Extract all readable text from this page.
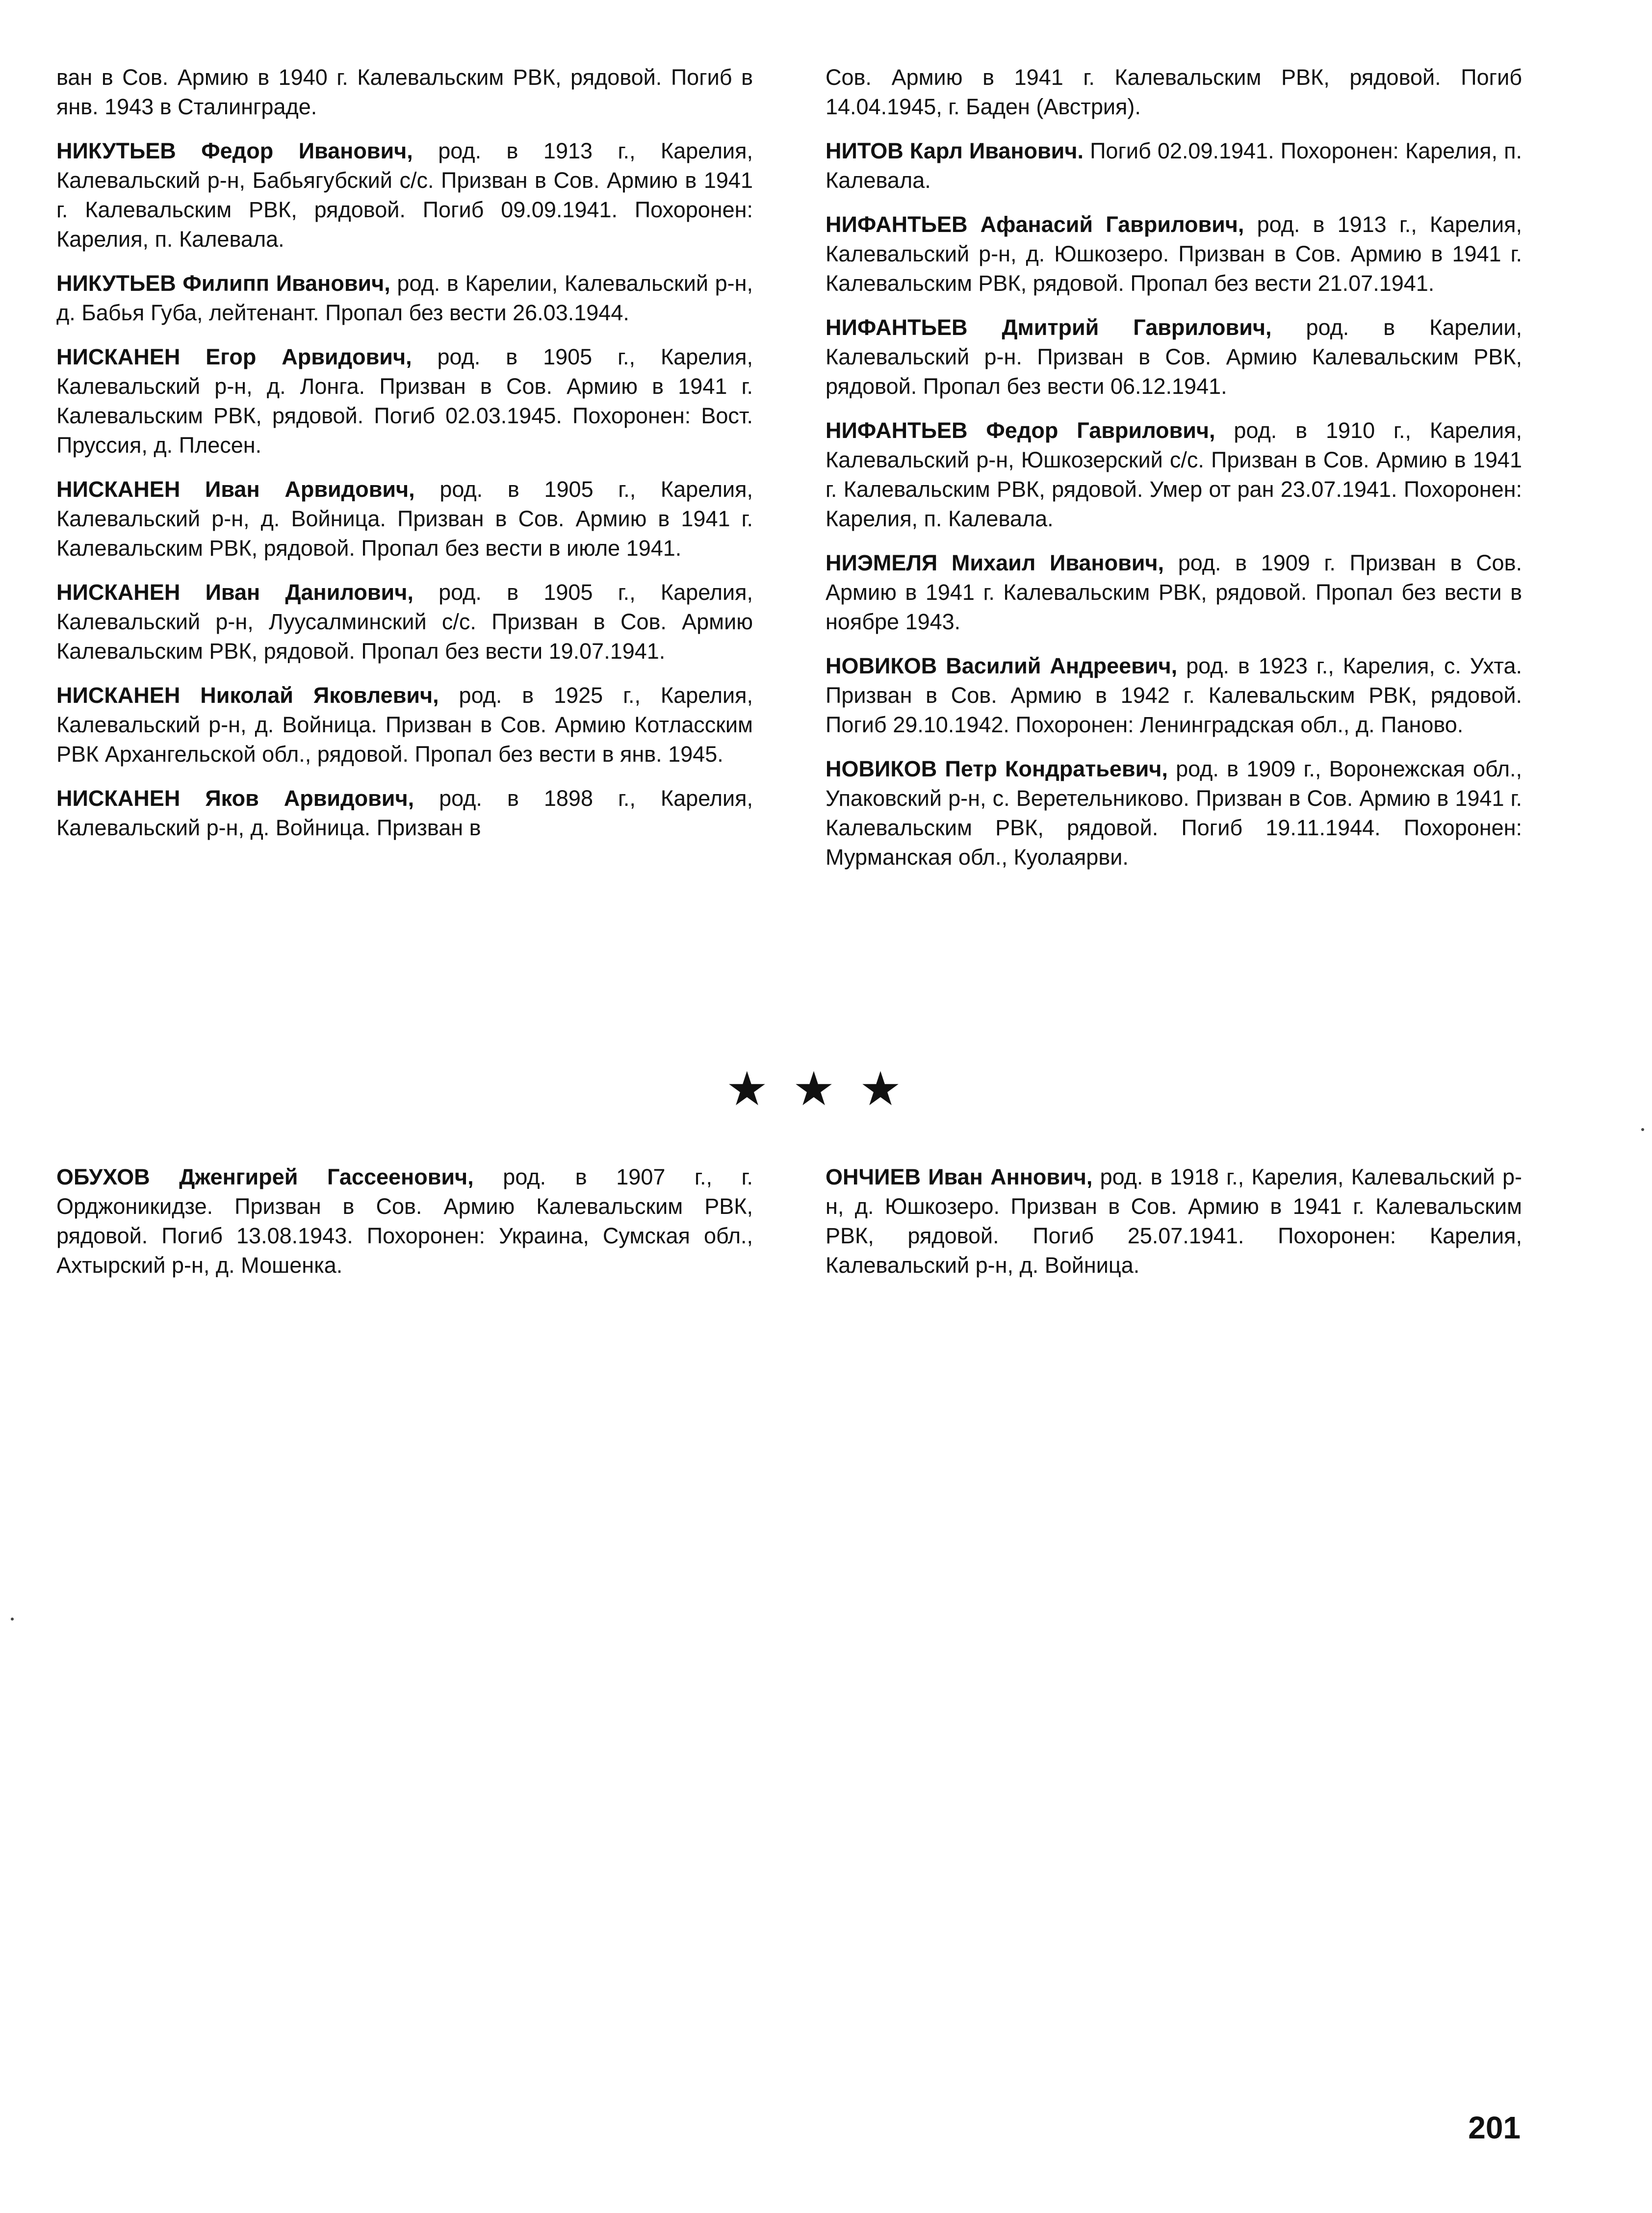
ван в Сов. Армию в 1940 г. Калевальским РВК, рядовой. Погиб в янв. 1943 в Сталинграде.

НИКУТЬЕВ Федор Иванович, род. в 1913 г., Карелия, Калевальский р-н, Бабьягубский с/с. Призван в Сов. Армию в 1941 г. Калевальским РВК, рядовой. Погиб 09.09.1941. Похоронен: Карелия, п. Калевала.

НИКУТЬЕВ Филипп Иванович, род. в Карелии, Калевальский р-н, д. Бабья Губа, лейтенант. Пропал без вести 26.03.1944.

НИСКАНЕН Егор Арвидович, род. в 1905 г., Карелия, Калевальский р-н, д. Лонга. Призван в Сов. Армию в 1941 г. Калевальским РВК, рядовой. Погиб 02.03.1945. Похоронен: Вост. Пруссия, д. Плесен.

НИСКАНЕН Иван Арвидович, род. в 1905 г., Карелия, Калевальский р-н, д. Войница. Призван в Сов. Армию в 1941 г. Калевальским РВК, рядовой. Пропал без вести в июле 1941.

НИСКАНЕН Иван Данилович, род. в 1905 г., Карелия, Калевальский р-н, Луусалминский с/с. Призван в Сов. Армию Калевальским РВК, рядовой. Пропал без вести 19.07.1941.

НИСКАНЕН Николай Яковлевич, род. в 1925 г., Карелия, Калевальский р-н, д. Войница. Призван в Сов. Армию Котласским РВК Архангельской обл., рядовой. Пропал без вести в янв. 1945.

НИСКАНЕН Яков Арвидович, род. в 1898 г., Карелия, Калевальский р-н, д. Войница. Призван в

Сов. Армию в 1941 г. Калевальским РВК, рядовой. Погиб 14.04.1945, г. Баден (Австрия).

НИТОВ Карл Иванович. Погиб 02.09.1941. Похоронен: Карелия, п. Калевала.

НИФАНТЬЕВ Афанасий Гаврилович, род. в 1913 г., Карелия, Калевальский р-н, д. Юшкозеро. Призван в Сов. Армию в 1941 г. Калевальским РВК, рядовой. Пропал без вести 21.07.1941.

НИФАНТЬЕВ Дмитрий Гаврилович, род. в Карелии, Калевальский р-н. Призван в Сов. Армию Калевальским РВК, рядовой. Пропал без вести 06.12.1941.

НИФАНТЬЕВ Федор Гаврилович, род. в 1910 г., Карелия, Калевальский р-н, Юшкозерский с/с. Призван в Сов. Армию в 1941 г. Калевальским РВК, рядовой. Умер от ран 23.07.1941. Похоронен: Карелия, п. Калевала.

НИЭМЕЛЯ Михаил Иванович, род. в 1909 г. Призван в Сов. Армию в 1941 г. Калевальским РВК, рядовой. Пропал без вести в ноябре 1943.

НОВИКОВ Василий Андреевич, род. в 1923 г., Карелия, с. Ухта. Призван в Сов. Армию в 1942 г. Калевальским РВК, рядовой. Погиб 29.10.1942. Похоронен: Ленинградская обл., д. Паново.

НОВИКОВ Петр Кондратьевич, род. в 1909 г., Воронежская обл., Упаковский р-н, с. Веретельниково. Призван в Сов. Армию в 1941 г. Калевальским РВК, рядовой. Погиб 19.11.1944. Похоронен: Мурманская обл., Куолаярви.

★★★

ОБУХОВ Дженгирей Гассеенович, род. в 1907 г., г. Орджоникидзе. Призван в Сов. Армию Калевальским РВК, рядовой. Погиб 13.08.1943. Похоронен: Украина, Сумская обл., Ахтырский р-н, д. Мошенка.

ОНЧИЕВ Иван Аннович, род. в 1918 г., Карелия, Калевальский р-н, д. Юшкозеро. Призван в Сов. Армию в 1941 г. Калевальским РВК, рядовой. Погиб 25.07.1941. Похоронен: Карелия, Калевальский р-н, д. Войница.

201
